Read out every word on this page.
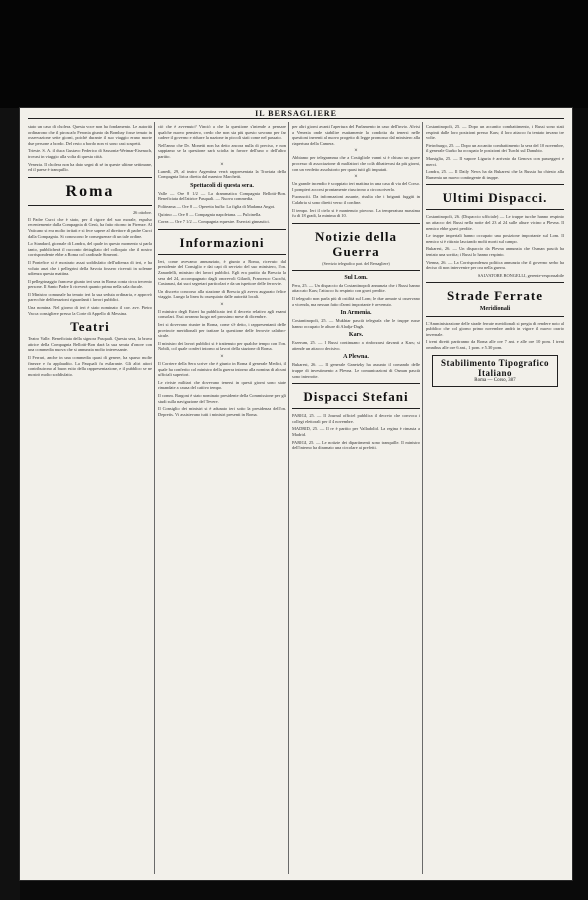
IL BERSAGLIERE

stato un caso di cholera. Questa voce non ha fondamento. Le autorità ordinarono che il piroscafo Feronia giunto da Bombay fosse tenuto in osservazione sette giorni, poichè durante il suo viaggio erano morte due persone a bordo. Del resto a bordo non vi sono casi sospetti.

Trieste. S. A. il duca Gustavo Federico di Sassonia-Weimar-Eisenach, trovasi in viaggio alla volta di questa città.

Venezia. Il cholera non ha dato segni di sé in queste ultime settimane, ed il paese è tranquillo.

Roma
26 ottobre.

Il Padre Curci che è stato, per il rigore del suo morale, espulso recentemente dalla Compagnia di Gesù, ha fatto ritorno in Firenze. Al Vaticano si era molto irritati e si fece sapere al direttore di padre Curci dalla Compagnia. Si conoscono le conseguenze di un tale ordine.

Lo Standard, giornale di Londra, del quale in questo momento si parla tanto, pubblicherà il racconto dettagliato del colloquio che il nostro corrispondente ebbe a Roma col cardinale Simeoni.

Il Pontefice si è mostrato assai soddisfatto dell'udienza di ieri, e ha voluto anzi che i pellegrini della Savoia fossero ricevuti in solenne udienza questa mattina.

Il pellegrinaggio francese giunto ieri sera in Roma conta circa trecento persone. Il Santo Padre li riceverà quanto prima nella sala ducale.

Il Ministro comunale ha tenuto ieri la sua seduta ordinaria, e approvò parecchie deliberazioni riguardanti i lavori pubblici.

Una nomina. Nel giorno di ieri è stato nominato il cav. avv. Pietro Vacca consigliere presso la Corte di Appello di Messina.

Teatri

Teatro Valle. Beneficiata della signora Pasquali. Questa sera, la brava attrice della Compagnia Bellotti-Bon darà la sua serata d'onore con una commedia nuova che si annunzia molto interessante.

Il Ferrari, anche in una commedia quasi di genere, ha sparso molte finezze e fu applaudito. La Pasquali fu esilarante. Gli altri attori contribuirono al buon esito della rappresentazione, e il pubblico se ne mostrò molto soddisfatto.

ciò che è avvenuto? Vinciò a che la questione s'intende a pensare qualche nuovo pensiero, credo che non sia più questo sovrano per far cadere il governo e ridurre la nazione in piccoli stati come nel passato.

Nell'anno che Dr. Monetti non ha detto ancora nulla di preciso, e non sappiamo se la questione sarà sciolta in favore dell'uno o dell'altro partito.

×

Lunedì, 29, al teatro Argentina verrà rappresentata la Traviata della Compagnia lirica diretta dal maestro Marchetti.

Spettacoli di questa sera.

Valle — Ore 8 1/2 — La drammatica Compagnia Bellotti-Bon. Beneficiata dell'attrice Pasquali. — Nuova commedia.

Politeama — Ore 8 — Operetta buffa: La figlia di Madama Angot.

Quirino — Ore 8 — Compagnia napoletana. — Pulcinella.

Corea — Ore 7 1/2 — Compagnia equestre. Esercizi ginnastici.

Informazioni

Ieri, come avevamo annunziato, è giunto a Roma, ricevuto dal presidente del Consiglio e dai capi di servizio del suo ministero, l'on. Zanardelli, ministro dei lavori pubblici. Egli era partito da Brescia la sera del 24, accompagnato dagli onorevoli Gilardi, Francesco Cuochi, Castanasi, dai suoi segretari particolari e da un ispettore delle ferrovie.

Un discreto concorso alla stazione di Brescia gli aveva augurato felice viaggio. Lungo la linea fu ossequiato dalle autorità locali.

×

Il ministro degli Esteri ha pubblicato ieri il decreto relativo agli esami consolari. Essi avranno luogo nel prossimo mese di dicembre.

Ieri si dovevano riunire in Roma, come s'è detto, i rappresentanti delle provincie meridionali per trattare la questione delle ferrovie calabro-sicule.

Il ministro dei lavori pubblici si è trattenuto per qualche tempo con l'on. Nobili, col quale conferì intorno ai lavori della stazione di Roma.

×

Il Corriere della Sera scrive che è giunto in Roma il generale Medici, il quale ha conferito col ministro della guerra intorno alla nomina di alcuni ufficiali superiori.

Le riviste militari che dovevano tenersi in questi giorni sono state rimandate a causa del cattivo tempo.

Il comm. Bargoni è stato nominato presidente della Commissione per gli studi sulla navigazione del Tevere.

Il Consiglio dei ministri si è adunato ieri sotto la presidenza dell'on. Depretis. Vi assistevano tutti i ministri presenti in Roma.

per altri giorni avanti l'apertura del Parlamento in caso dell'invio. Alvisi a Venezia onde stabilire esattamente la condotta da tenersi nelle questioni inerenti al nuovo progetto di legge promosso dal ministero alla riapertura della Camera.

×

Abbiamo per telegramma che a Costigliole vanni si è chiuso un grave processo di associazione di malfattori che colà dibattevasi da più giorni, con un verdetto assolutorio per quasi tutti gli imputati.

×

Un grande incendio è scoppiato ieri mattina in una casa di via del Corso. I pompieri accorsi prontamente riuscirono a circoscriverlo.

Fuorusciti. Da informazioni assunte, risulta che i briganti fuggiti in Calabria si sono diretti verso il confine.

Il tempo. Ieri il cielo si è mantenuto piovoso. La temperatura massima fu di 18 gradi, la minima di 10.

Notizie della Guerra
(Servizio telegrafico part. del Bersagliere)
Sul Lom.

Pera, 25. — Un dispaccio da Costantinopoli annunzia che i Russi hanno attaccato Kars; l'attacco fu respinto con gravi perdite.

Il telegrafo non parla più di ostilità sul Lom; le due armate si osservano a vicenda, ma nessun fatto d'armi importante è avvenuto.

In Armenia.

Costantinopoli, 25. — Mukhtar pascià telegrafa che le truppe russe hanno occupato le alture di Aladja-Dagh.

Kars.

Erzerum, 25. — I Russi continuano a rinforzarsi davanti a Kars; si attende un attacco decisivo.

A Plewna.

Bukarest, 26. — Il generale Ganetzky ha assunto il comando delle truppe di investimento a Plevna. Le comunicazioni di Osman pascià sono interrotte.

Dispacci Stefani

PARIGI, 25. — Il Journal officiel pubblica il decreto che convoca i collegi elettorali per il 4 novembre.

MADRID, 25. — Il re è partito per Valladolid. La regina è rimasta a Madrid.

PARIGI, 25. — Le notizie dei dipartimenti sono tranquille. Il ministro dell'interno ha diramato una circolare ai prefetti.

Costantinopoli, 25. — Dopo un accanito combattimento, i Russi sono stati respinti dalle loro posizioni presso Kars; il loro attacco fu tentato invano tre volte.

Pietroburgo, 25. — Dopo un accanito combattimento la sera del 10 novembre, il generale Gurko ha occupato le posizioni dei Turchi sul Danubio.

Marsiglia, 25. — Il vapore Liguria è arrivato da Genova con passeggeri e merci.

Londra, 25. — Il Daily News ha da Bukarest che la Russia ha chiesto alla Rumenia un nuovo contingente di truppe.

Ultimi Dispacci.

Costantinopoli, 26. (Dispaccio ufficiale) — Le truppe turche hanno respinto un attacco dei Russi nella notte del 23 al 24 sulle alture vicino a Plevna. Il nemico ebbe gravi perdite.

Le truppe imperiali hanno occupato una posizione importante sul Lom. Il nemico si è ritirato lasciando molti morti sul campo.

Bukarest, 26. — Un dispaccio da Plevna annunzia che Osman pascià ha tentato una sortita; i Russi lo hanno respinto.

Vienna, 26. — La Corrispondenza politica annunzia che il governo serbo ha deciso di non intervenire per ora nella guerra.

SALVATORE BONGELLI, gerente-responsabile
Strade Ferrate
Meridionali

L'Amministrazione delle strade ferrate meridionali si pregia di rendere noto al pubblico che col giorno primo novembre andrà in vigore il nuovo orario invernale.

I treni diretti partiranno da Roma alle ore 7 ant. e alle ore 10 pom. I treni omnibus alle ore 6 ant., 1 pom. e 5.30 pom.

Stabilimento Tipografico Italiano
Roma — Corso, 387
